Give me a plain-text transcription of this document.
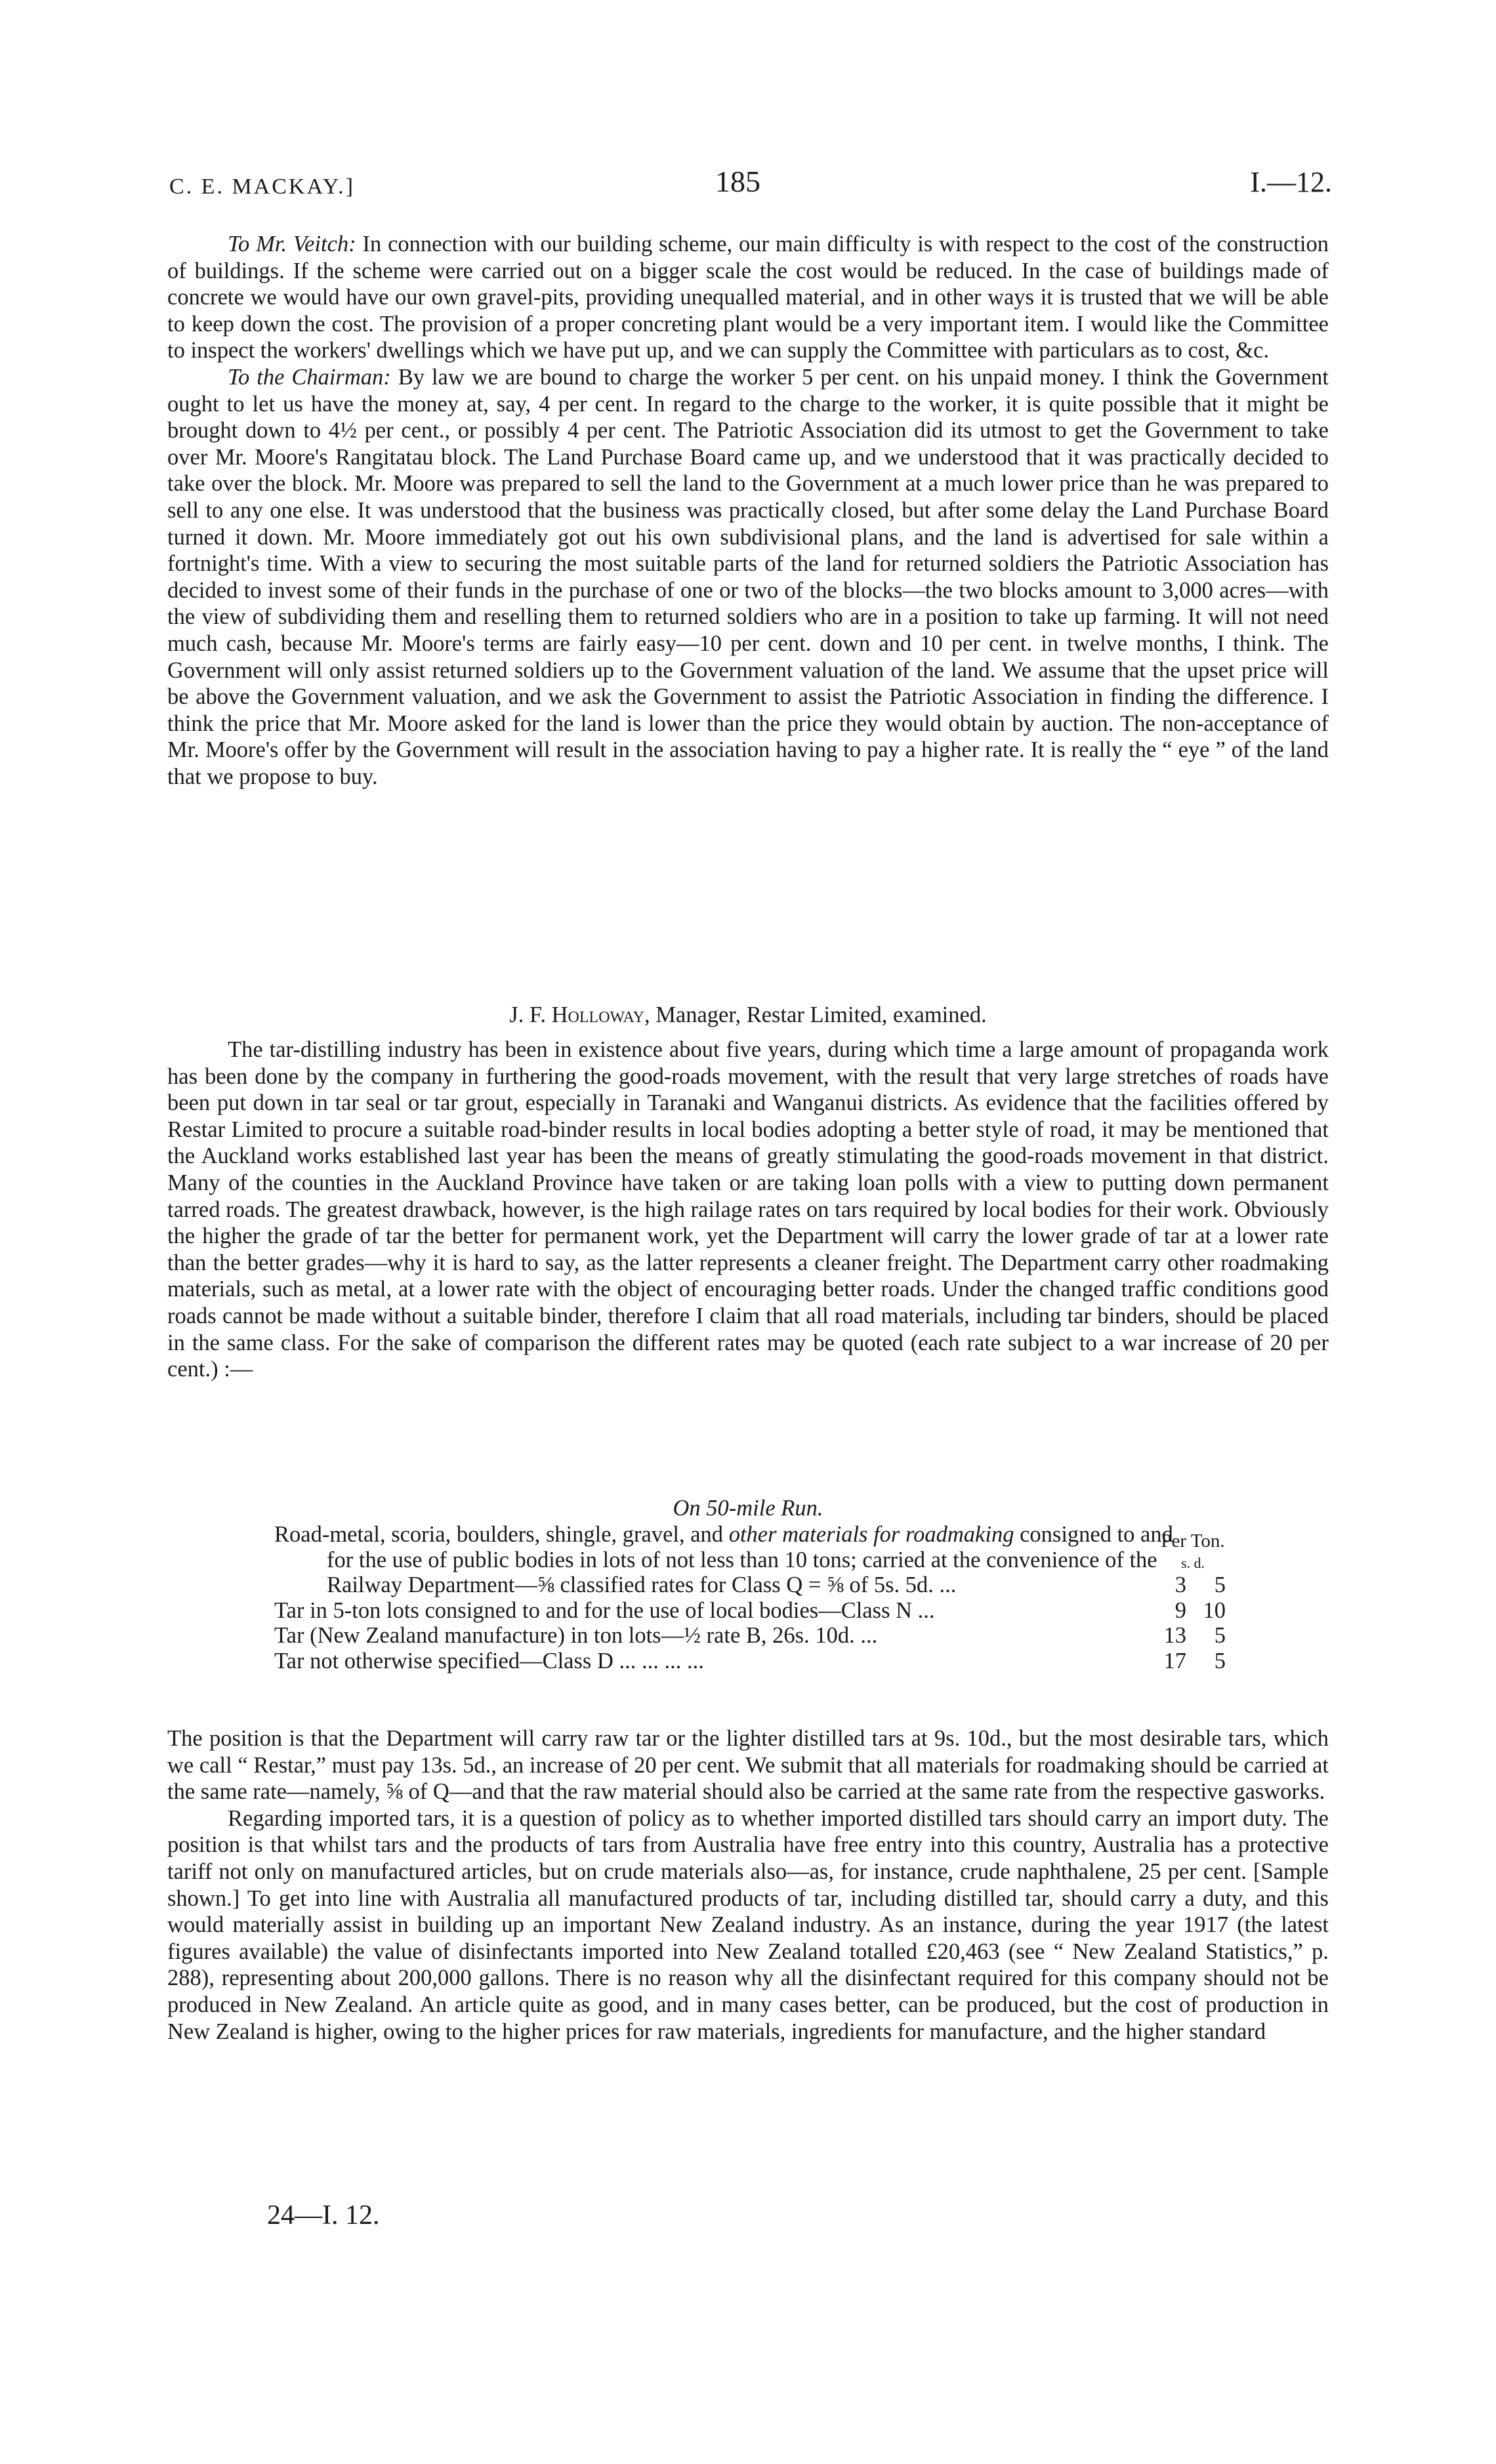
C. E. MACKAY.]	185	I.—12.

To Mr. Veitch: In connection with our building scheme, our main difficulty is with respect to the cost of the construction of buildings. If the scheme were carried out on a bigger scale the cost would be reduced. In the case of buildings made of concrete we would have our own gravel-pits, providing unequalled material, and in other ways it is trusted that we will be able to keep down the cost. The provision of a proper concreting plant would be a very important item. I would like the Committee to inspect the workers' dwellings which we have put up, and we can supply the Committee with particulars as to cost, &c.

To the Chairman: By law we are bound to charge the worker 5 per cent. on his unpaid money. I think the Government ought to let us have the money at, say, 4 per cent. In regard to the charge to the worker, it is quite possible that it might be brought down to 4½ per cent., or possibly 4 per cent. The Patriotic Association did its utmost to get the Government to take over Mr. Moore's Rangitatau block. The Land Purchase Board came up, and we understood that it was practically decided to take over the block. Mr. Moore was prepared to sell the land to the Government at a much lower price than he was prepared to sell to any one else. It was understood that the business was practically closed, but after some delay the Land Purchase Board turned it down. Mr. Moore immediately got out his own subdivisional plans, and the land is advertised for sale within a fortnight's time. With a view to securing the most suitable parts of the land for returned soldiers the Patriotic Association has decided to invest some of their funds in the purchase of one or two of the blocks—the two blocks amount to 3,000 acres—with the view of subdividing them and reselling them to returned soldiers who are in a position to take up farming. It will not need much cash, because Mr. Moore's terms are fairly easy—10 per cent. down and 10 per cent. in twelve months, I think. The Government will only assist returned soldiers up to the Government valuation of the land. We assume that the upset price will be above the Government valuation, and we ask the Government to assist the Patriotic Association in finding the difference. I think the price that Mr. Moore asked for the land is lower than the price they would obtain by auction. The non-acceptance of Mr. Moore's offer by the Government will result in the association having to pay a higher rate. It is really the “ eye ” of the land that we propose to buy.

J. F. Holloway, Manager, Restar Limited, examined.

The tar-distilling industry has been in existence about five years, during which time a large amount of propaganda work has been done by the company in furthering the good-roads movement, with the result that very large stretches of roads have been put down in tar seal or tar grout, especially in Taranaki and Wanganui districts. As evidence that the facilities offered by Restar Limited to procure a suitable road-binder results in local bodies adopting a better style of road, it may be mentioned that the Auckland works established last year has been the means of greatly stimulating the good-roads movement in that district. Many of the counties in the Auckland Province have taken or are taking loan polls with a view to putting down permanent tarred roads. The greatest drawback, however, is the high railage rates on tars required by local bodies for their work. Obviously the higher the grade of tar the better for permanent work, yet the Department will carry the lower grade of tar at a lower rate than the better grades—why it is hard to say, as the latter represents a cleaner freight. The Department carry other roadmaking materials, such as metal, at a lower rate with the object of encouraging better roads. Under the changed traffic conditions good roads cannot be made without a suitable binder, therefore I claim that all road materials, including tar binders, should be placed in the same class. For the sake of comparison the different rates may be quoted (each rate subject to a war increase of 20 per cent.) :—

On 50-mile Run.
Per Ton.
s. d.
Road-metal, scoria, boulders, shingle, gravel, and other materials for roadmaking consigned to and for the use of public bodies in lots of not less than 10 tons; carried at the convenience of the Railway Department—⅝ classified rates for Class Q = ⅝ of 5s. 5d. ...	3 5
Tar in 5-ton lots consigned to and for the use of local bodies—Class N ...	9 10
Tar (New Zealand manufacture) in ton lots—½ rate B, 26s. 10d. ...	13 5
Tar not otherwise specified—Class D ... ... ... ...	17 5

The position is that the Department will carry raw tar or the lighter distilled tars at 9s. 10d., but the most desirable tars, which we call “ Restar,” must pay 13s. 5d., an increase of 20 per cent. We submit that all materials for roadmaking should be carried at the same rate—namely, ⅝ of Q—and that the raw material should also be carried at the same rate from the respective gasworks.

Regarding imported tars, it is a question of policy as to whether imported distilled tars should carry an import duty. The position is that whilst tars and the products of tars from Australia have free entry into this country, Australia has a protective tariff not only on manufactured articles, but on crude materials also—as, for instance, crude naphthalene, 25 per cent. [Sample shown.] To get into line with Australia all manufactured products of tar, including distilled tar, should carry a duty, and this would materially assist in building up an important New Zealand industry. As an instance, during the year 1917 (the latest figures available) the value of disinfectants imported into New Zealand totalled £20,463 (see “ New Zealand Statistics,” p. 288), representing about 200,000 gallons. There is no reason why all the disinfectant required for this company should not be produced in New Zealand. An article quite as good, and in many cases better, can be produced, but the cost of production in New Zealand is higher, owing to the higher prices for raw materials, ingredients for manufacture, and the higher standard

24—I. 12.
